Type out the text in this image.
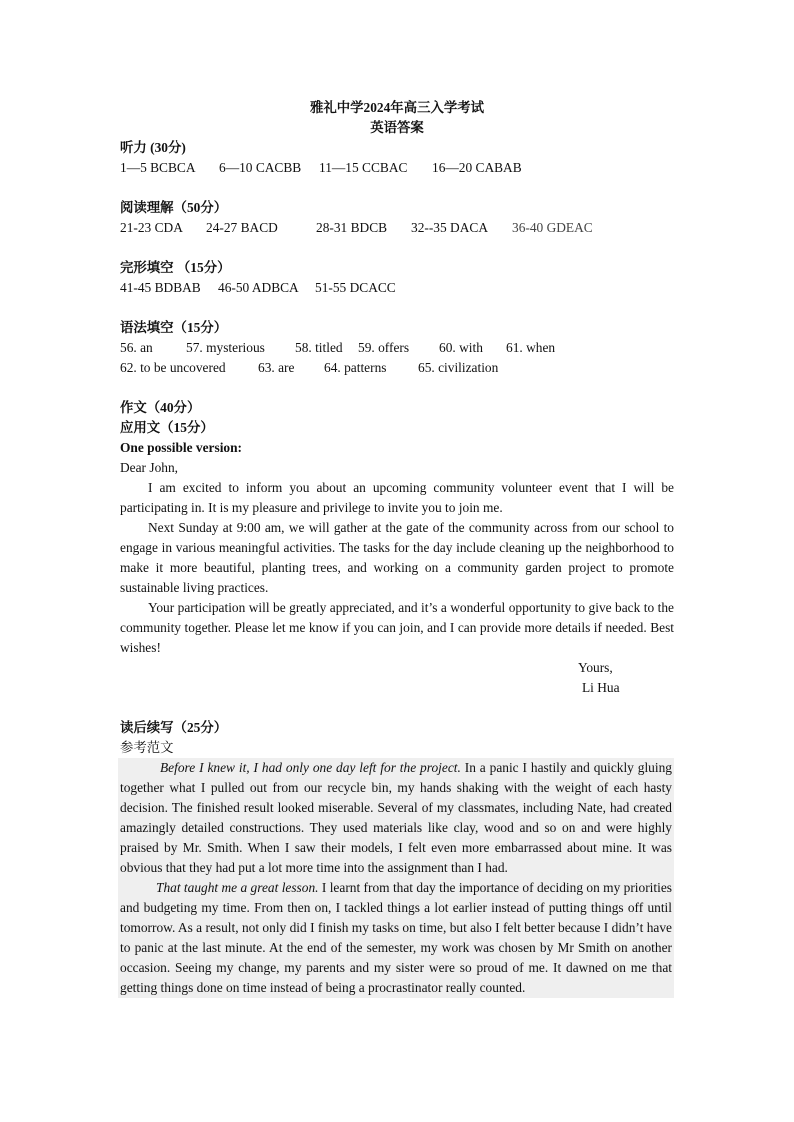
雅礼中学2024年高三入学考试
英语答案
听力 (30分)
1—5 BCBCA 6—10 CACBB 11—15 CCBAC 16—20 CABAB
阅读理解（50分）
21-23 CDA 24-27 BACD	28-31 BDCB 32--35 DACA 36-40 GDEAC
完形填空 （15分）
41-45 BDBAB 46-50 ADBCA 51-55 DCACC
语法填空（15分）
56. an 57. mysterious 58. titled 59. offers 60. with 61. when
62. to be uncovered 63. are 64. patterns 65. civilization
作文（40分）
应用文（15分）
One possible version:

Dear John,

I am excited to inform you about an upcoming community volunteer event that I will be participating in. It is my pleasure and privilege to invite you to join me.

Next Sunday at 9:00 am, we will gather at the gate of the community across from our school to engage in various meaningful activities. The tasks for the day include cleaning up the neighborhood to make it more beautiful, planting trees, and working on a community garden project to promote sustainable living practices.

Your participation will be greatly appreciated, and it’s a wonderful opportunity to give back to the community together. Please let me know if you can join, and I can provide more details if needed. Best wishes!

Yours,
Li Hua
读后续写（25分）
参考范文

Before I knew it, I had only one day left for the project. In a panic I hastily and quickly gluing together what I pulled out from our recycle bin, my hands shaking with the weight of each hasty decision. The finished result looked miserable. Several of my classmates, including Nate, had created amazingly detailed constructions. They used materials like clay, wood and so on and were highly praised by Mr. Smith. When I saw their models, I felt even more embarrassed about mine. It was obvious that they had put a lot more time into the assignment than I had.

That taught me a great lesson. I learnt from that day the importance of deciding on my priorities and budgeting my time. From then on, I tackled things a lot earlier instead of putting things off until tomorrow. As a result, not only did I finish my tasks on time, but also I felt better because I didn’t have to panic at the last minute. At the end of the semester, my work was chosen by Mr Smith on another occasion. Seeing my change, my parents and my sister were so proud of me. It dawned on me that getting things done on time instead of being a procrastinator really counted.
